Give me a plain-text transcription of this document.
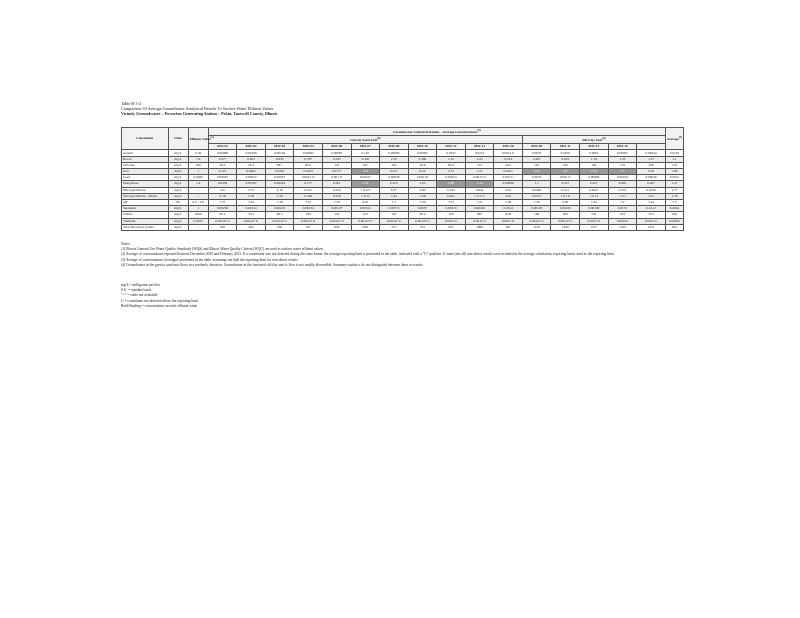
Table B-3-2
Comparison Of Average Groundwater Analytical Results To Surface Water Effluent Values
Vicinity Groundwater – Powerton Generating Station – Pekin, Tazewell County, Illinois
Constituent	Units	Effluent Value$^{(1)}$	Groundwater Analytical Results - Average Concentrations$^{(2)}$																Average$^{(3)}$
			Gravity Sand Unit$^{(4)}$											Silt/Clay Unit$^{(4)}$
			MW-01	MW-02	MW-03	MW-04	MW-06	MW-07	MW-08	MW-10	MW-12	MW-14	MW-16	MW-09	MW-11	MW-13	MW-15		
Arsenic	mg/L	0.36	0.00086	0.00109	0.00164	0.00062	0.00087	0.167	0.00096	0.00081	0.0237	0.0214	0.0013 U	0.0035	0.0076	0.0061	0.00067	0.00044	0.0165
Boron	mg/L	7.6	0.277	0.653	0.635	0.797	0.245	0.456	2.52	0.560	1.32	3.22	0.184	2.407	0.019	1.18	1.53	1.27	1.1
Chloride	mg/L	500	56.2	55.4	68.7	89.2	124	167	202	43.6	85.4	161	44.2	161	232	194	176	208	119
Iron	mg/L	1	0.121	0.0262	0.0291	0.0293	0.0771	10.4	0.527	6.22	2.31	1.21	0.0421	2.22	3.0	2.34	7.3	0.58	1.86
Lead	mg/L	0.0465	0.00025	0.00032	0.00027	0.0013 U	0.001 U	0.00227	0.00049	0.00116	0.00454	0.0013 U	0.001 U	0.0025	0.001 U	0.00066	0.00104	0.00046	0.0012
Manganese	mg/L	1.4	0.0459	0.00187	0.00422	0.137	0.201	5.26	0.223	2.03	0.89	1.40	0.00686	1.1	0.237	0.457	0.665	0.467	1.47
Nitrogen/Nitrate	mg/L	--	4.9	2.73	2.19	0.521	0.550	< 0.127	6.37	2.82	0.193	0.822	25.6	0.0462	0.121	0.0427	0.572	0.0526	1.77
Nitrogen/Nitrate - Nitrite	mg/L	--	2.78	2.78	1.58	0.549	0.558	< 0.12	7.24	1.58	0.201	< 0.1 U	24.9	0.0573	< 0.1 U	< 0.12	< 0.1	< 0.1	1.78
pH	SU	6.5 - 9.0	7.31	7.44	7.36	7.21	7.33	6.97	7.1	7.09	7.21	7.21	7.39	7.26	6.92	7.44	7.2	7.24	7.2
Selenium	mg/L	1	0.00256	0.00154	0.00222	0.00234	0.00127	0.00321	0.00713	0.0057	0.00210	0.00491	0.0014	0.00103	0.00109	0.00100	0.0172	0.0112	0.0044
Sulfate	mg/L	1600	82.2	79.1	96.3	164	154	413	103	66.4	109	687	63.8	166	200	232	254	255	264
Thallium	mg/L	0.0037	0.00147 U	0.00147 U	0.00147 U	0.00147 U	0.00147 U	0.00147 U	0.00147 U	0.00147 U	0.0015 U	0.0015 U	0.0015 U	0.00147 U	0.00147 U	0.0015 U	0.00222	0.0015 U	0.00091
Total Dissolved Solids	mg/L	--	540	492	456	791	956	1281	527	553	621	1890	361	1150	1040	1317	1050	1551	942
Notes:
(1) Illinois General Use Water Quality Standards (WQS) and Illinois Water Quality Criteria (WQC) are used as surface water effluent values.
(2) Average of concentrations reported between December 2010 and February 2013. If a constituent was not detected during this time frame, the average reporting limit is presented in the table, indicated with a "U" qualifier. If some (not all) non-detect results were included in the average calculation, reporting limits used as the reporting limit.
(3) Average of concentrations (averages) presented in the table, assuming one-half the reporting limit for non-detect results.
(4) Groundwater in the gravity sand unit flows in a northerly direction. Groundwater in the fractured silt/clay unit is flow is not readily discernible. Summary statistics do not distinguish between these two units.
mg/L = milligrams per liter
S.U. = standard units
"--" = value not available
U = constituent not detected above the reporting limit
Bold/Shading = concentration exceeds effluent value
